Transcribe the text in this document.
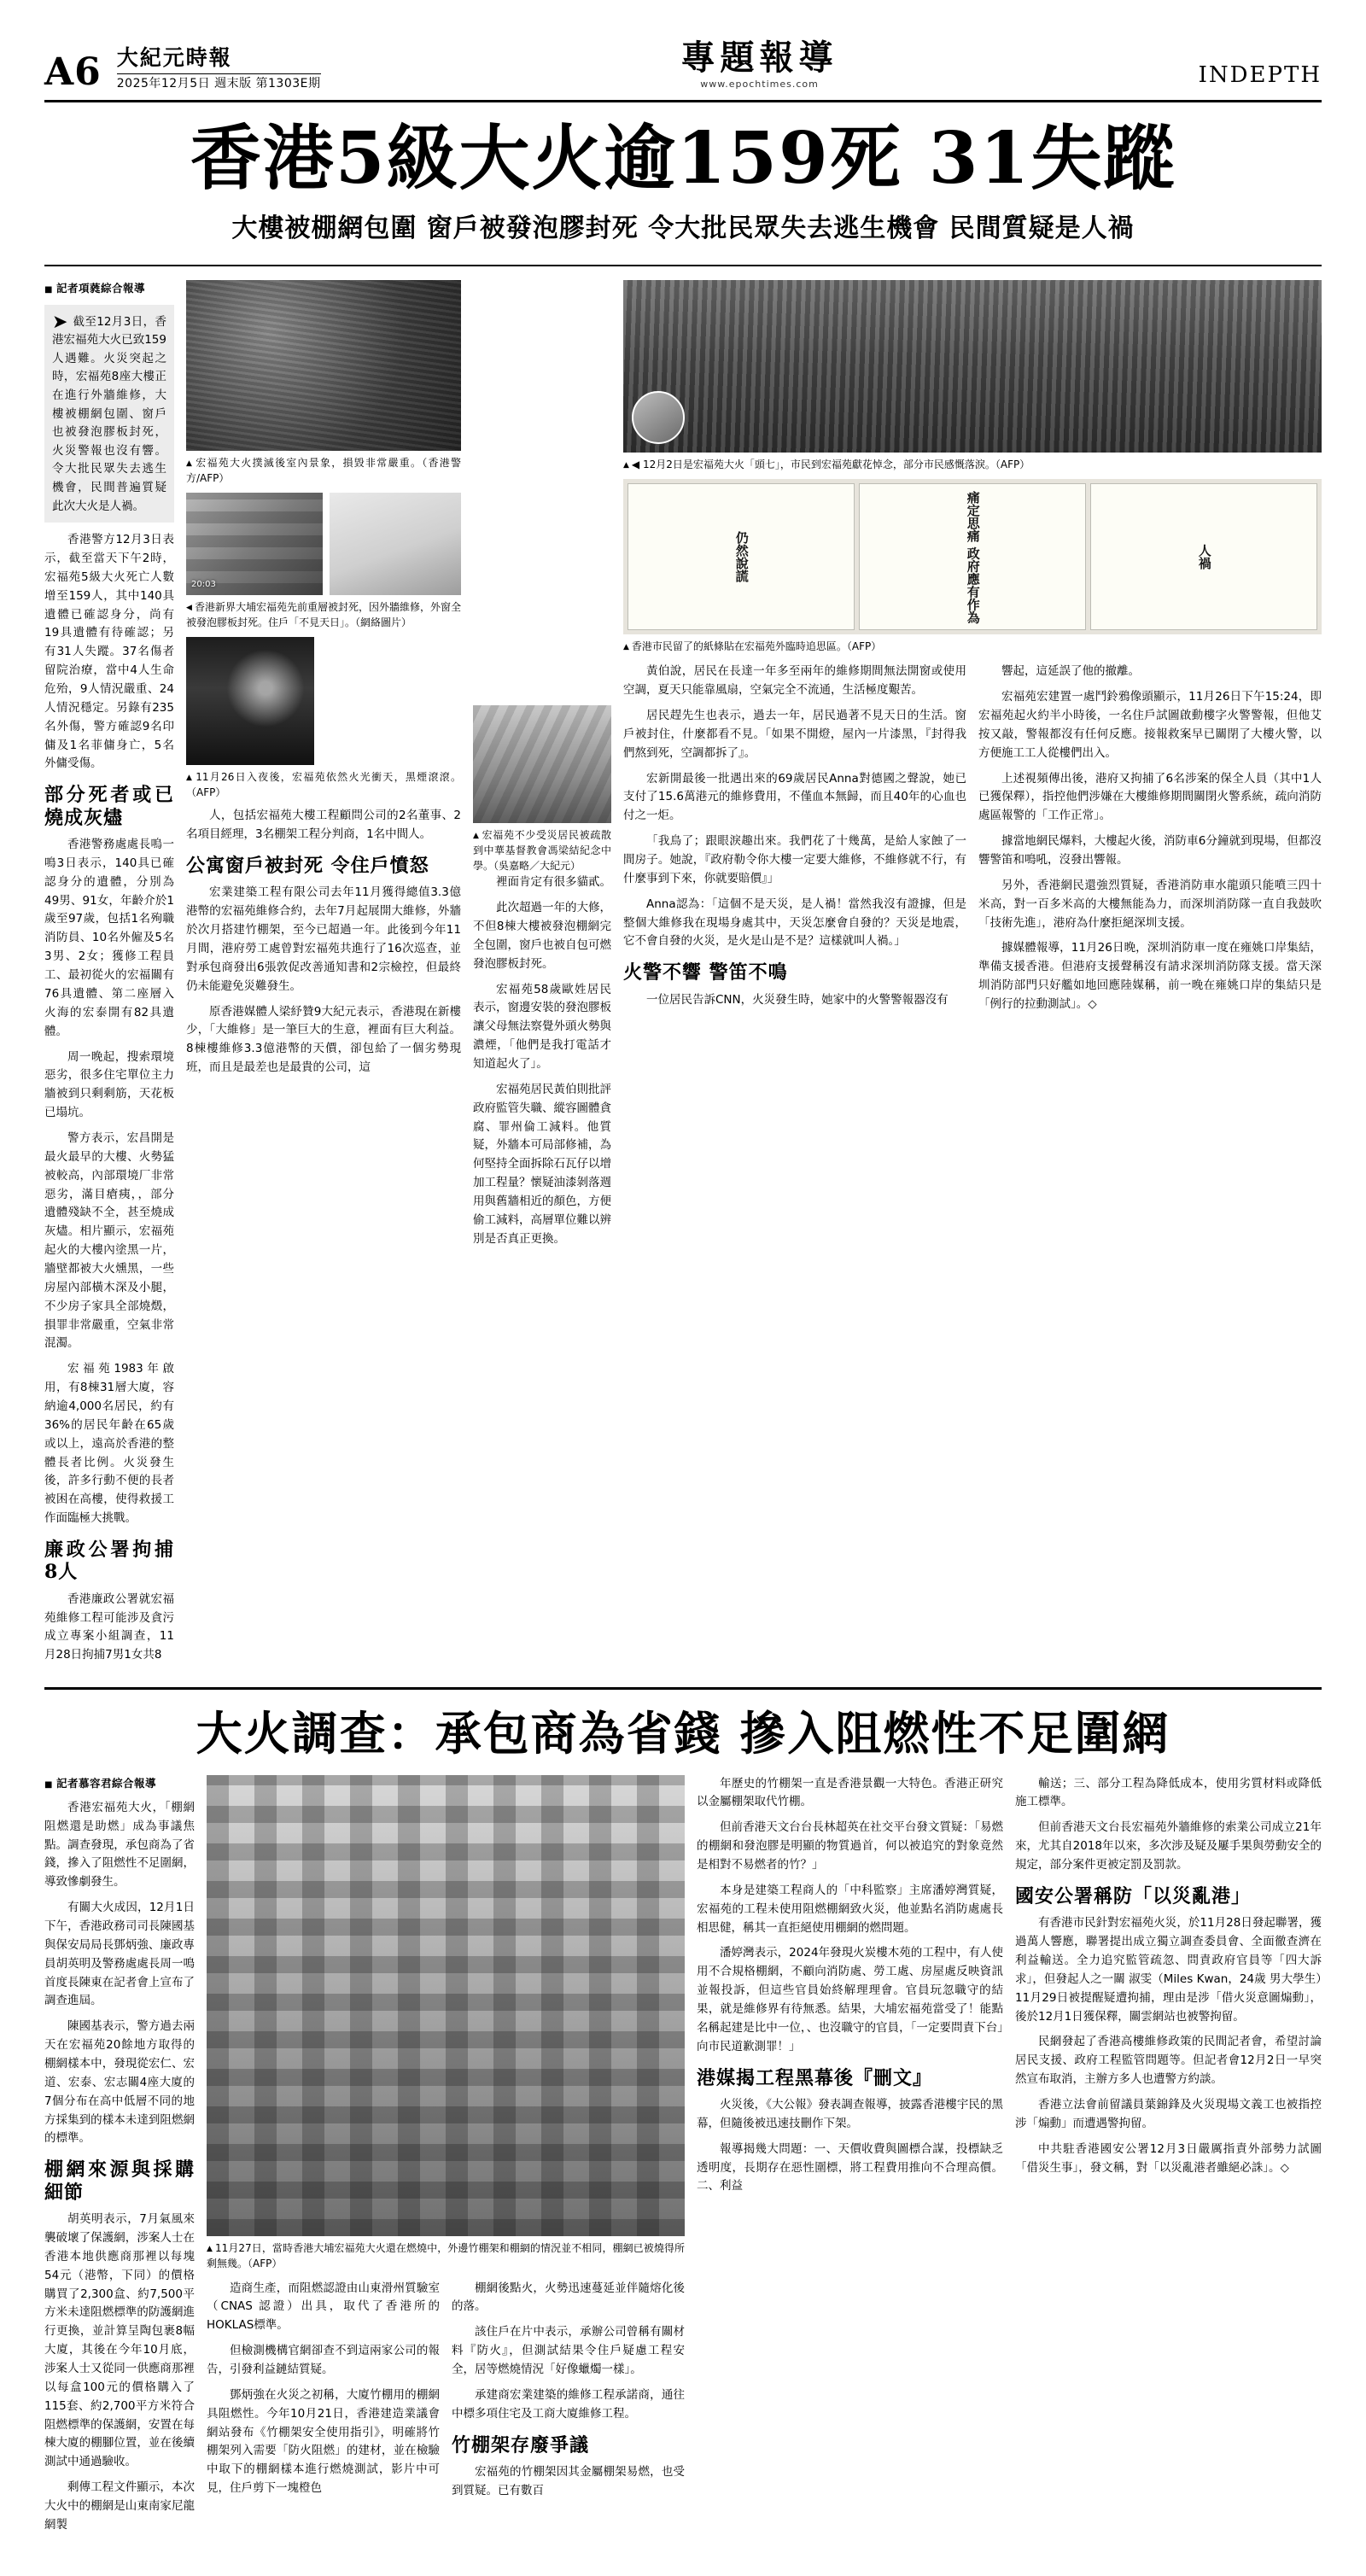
A6 大紀元時報
2025年12月5日 週末版 第1303E期
專題報導
www.epochtimes.com	INDEPTH
香港5級大火逾159死 31失蹤
大樓被棚網包圍 窗戶被發泡膠封死 令大批民眾失去逃生機會 民間質疑是人禍
■ 記者項蕤綜合報導
➤ 截至12月3日，香港宏福苑大火已致159人遇難。火災突起之時，宏福苑8座大樓正在進行外牆維修，大樓被棚網包圍、窗戶也被發泡膠板封死，火災警報也沒有響。令大批民眾失去逃生機會，民間普遍質疑此次大火是人禍。

香港警方12月3日表示，截至當天下午2時，宏福苑5級大火死亡人數增至159人，其中140具遺體已確認身分，尚有19具遺體有待確認；另有31人失蹤。37名傷者留院治療，當中4人生命危殆，9人情況嚴重、24人情況穩定。另錄有235名外傷，警方確認9名印傭及1名菲傭身亡，5名外傭受傷。

部分死者或已燒成灰燼

香港警務處處長嗚一鳴3日表示，140具已確認身分的遺體，分別為49男、91女，年齡介於1歲至97歲，包括1名殉職消防員、10名外僱及5名3男、2女；獲修工程員工、最初從火的宏福關有76具遺體、第二座層入火海的宏泰開有82具遺體。

周一晚起，搜索環境惡劣，很多住宅單位主力牆被到只剩剩筋，天花板已塌坑。

警方表示，宏昌開是最火最早的大樓、火勢猛被較高，內部環境厂非常惡劣，滿目瘡痍，，部分遺體殘缺不全，甚至燒成灰燼。相片顯示，宏福苑起火的大樓內塗黑一片，牆壁都被大火燻黑，一些房屋內部橫木深及小腿，不少房子家具全部燒燬，損罪非常嚴重，空氣非常混濁。

宏福苑1983年啟用，有8棟31層大廈，容納逾4,000名居民，約有36%的居民年齡在65歲或以上，遠高於香港的整體長者比例。火災發生後，許多行動不便的長者被困在高樓，使得救援工作面臨極大挑戰。

廉政公署拘捕8人

香港廉政公署就宏福苑維修工程可能涉及貪污成立專案小組調查，11月28日拘捕7男1女共8

▲ 宏福苑大火撲滅後室內景象，損毀非常嚴重。（香港警方/AFP）
20:03
◀ 香港新界大埔宏福苑先前重層被封死，因外牆維修，外窗全被發泡膠板封死。住戶「不見天日」。（網絡圖片）
▲ 11月26日入夜後，宏福苑依然火光衝天，黑煙滾滾。（AFP）

人，包括宏福苑大樓工程顧問公司的2名董事、2名項目經理，3名棚架工程分判商，1名中間人。

公寓窗戶被封死 令住戶憤怒

宏業建築工程有限公司去年11月獲得總值3.3億港幣的宏福苑維修合約，去年7月起展開大維修，外牆於次月搭建竹棚架，至今已超過一年。此後到今年11月間，港府勞工處曾對宏福苑共進行了16次巡查，並對承包商發出6張敦促改善通知書和2宗檢控，但最終仍未能避免災難發生。

原香港媒體人梁紓贊9大紀元表示，香港現在新樓少，「大維修」是一筆巨大的生意，裡面有巨大利益。8棟樓維修3.3億港幣的天價，卻包給了一個劣勢現班，而且是最差也是最貴的公司，這

▲ 宏福苑不少受災居民被疏散到中華基督教會馮梁結紀念中學。（吳嘉略／大紀元）

裡面肯定有很多貓貳。

此次超過一年的大修，不但8棟大樓被發泡棚網完全包圍，窗戶也被自包可燃發泡膠板封死。

宏福苑58歲歐姓居民表示，窗邊安裝的發泡膠板讓父母無法察覺外頭火勢與濃煙，「他們是我打電話才知道起火了」。

宏福苑居民黃伯則批評政府監管失職、縱容圖體貪腐、罪州倫工減料。他質疑，外牆本可局部修補，為何堅持全面拆除石瓦仔以增加工程量？懷疑油漆剝落週用與舊牆相近的顏色，方便偷工減料，高層單位難以辨別是否真正更換。

▲ ◀ 12月2日是宏福苑大火「頭七」，市民到宏福苑獻花悼念，部分市民感慨落淚。（AFP）
仍然說謊	痛定思痛 政府應有作為	人禍
▲ 香港市民留了的紙條貼在宏福苑外臨時追思區。（AFP）

黃伯說，居民在長達一年多至兩年的維修期間無法開窗或使用空調，夏天只能靠風扇，空氣完全不流通，生活極度艱苦。

居民趕先生也表示，過去一年，居民過著不見天日的生活。窗戶被封住，什麼都看不見。「如果不開燈，屋內一片漆黑，『封得我們熬到死，空調都拆了』。

宏新開最後一批遇出來的69歲居民Anna對德國之聲說，她已支付了15.6萬港元的維修費用，不僅血本無歸，而且40年的心血也付之一炬。

「我鳥了；跟眼淚趣出來。我們花了十幾萬，是給人家蝕了一間房子。她說，『政府勒令你大樓一定要大維修，不維修就不行，有什麼事到下來，你就要賠價』」

Anna認為：「這個不是天災，是人禍！當然我沒有證據，但是整個大維修我在現場身處其中，天災怎麼會自發的？天災是地震，它不會自發的火災，是火是山是不是？這樣就叫人禍。」

火警不響 警笛不鳴

一位居民告訴CNN，火災發生時，她家中的火警警報器沒有

響起，這延誤了他的撤離。

宏福苑宏建置一處鬥鈴鴉像頭顯示，11月26日下午15:24，即宏福苑起火約半小時後，一名住戶試圖啟動樓字火警警報，但他艾按又敲，警報都沒有任何反應。接報救案早已關閉了大樓火警，以方便施工工人從樓們出入。

上述視頻傳出後，港府又拘捕了6名涉案的保全人員（其中1人已獲保釋），指控他們涉嫌在大樓維修期間關閉火警系統，疏向消防處區報警的「工作正常」。

據當地網民爆料，大樓起火後，消防車6分鐘就到現場，但都沒響警笛和鳴吼，沒發出響報。

另外，香港網民還強烈質疑，香港消防車水龍頭只能噴三四十米高，對一百多米高的大樓無能為力，而深圳消防隊一直自我鼓吹「技術先進」，港府為什麼拒絕深圳支援。

據媒體報導，11月26日晚，深圳消防車一度在雍姚口岸集結，準備支援香港。但港府支援聲稱沒有請求深圳消防隊支援。當天深圳消防部門只好艦如地回應陸媒稱，前一晚在雍姚口岸的集結只是「例行的拉動測試」。◇

大火調查：承包商為省錢 摻入阻燃性不足圍網
■ 記者慕容君綜合報導

香港宏福苑大火，「棚網阻燃還是助燃」成為事議焦點。調查發現，承包商為了省錢，摻入了阻燃性不足圍網，導致慘劇發生。

有關大火成因，12月1日下午，香港政務司司長陳國基與保安局局長鄧炳強、廉政專員胡英明及警務處處長周一鳴首度長陳東在記者會上宣布了調查進屆。

陳國基表示，警方過去兩天在宏福苑20餘地方取得的棚網樣本中，發現從宏仁、宏道、宏泰、宏志關4座大廈的7個分布在高中低層不同的地方採集到的樣本未達到阻燃網的標準。

棚網來源與採購細節

胡英明表示，7月氣風來襲破壞了保護網，涉案人士在香港本地供應商那裡以每塊54元（港幣，下同）的價格購買了2,300盒、約7,500平方米未達阻燃標準的防護網進行更換，並計算呈陶包裹8幅大廈，其後在今年10月底，涉案人士又從同一供應商那裡以每盒100元的價格購入了115套、約2,700平方米符合阻燃標準的保護網，安置在每棟大廈的棚腳位置，並在後續測試中通過驗收。

剩傳工程文件顯示，本次大火中的棚網是山東南家尼龍網製

▲ 11月27日，當時香港大埔宏福苑大火還在燃燒中，外邊竹棚架和棚網的情況並不相同，棚網已被燒得所剩無幾。（AFP）

造商生產，而阻燃認證由山東滑州質驗室（CNAS 認證）出具，取代了香港所的HOKLAS標準。

但檢測機構官網卻查不到這兩家公司的報告，引發利益鏈結質疑。

鄧炳強在火災之初稱，大廈竹棚用的棚網具阻燃性。今年10月21日，香港建造業議會網站發布《竹棚架安全使用指引》，明確將竹棚架列入需要「防火阻燃」的建材，並在檢驗中取下的棚網樣本進行燃燒測試，影片中可見，住戶剪下一塊橙色

棚網後點火，火勢迅速蔓延並伴隨熔化後的落。

該住戶在片中表示，承辦公司曾稱有關材料『防火』，但測試結果令住戶疑慮工程安全，居等燃燒情況「好像蠟燭一樣」。

承建商宏業建築的維修工程承諾商，通往中標多項住宅及工商大廈維修工程。

竹棚架存廢爭議

宏福苑的竹棚架因其金屬棚架易燃，也受到質疑。已有數百

年歷史的竹棚架一直是香港景觀一大特色。香港正研究以金屬棚架取代竹棚。

但前香港天文台台長林超英在社交平台發文質疑：「易燃的棚網和發泡膠是明顯的物質過首，何以被追究的對象竟然是相對不易燃者的竹？」

本身是建築工程商人的「中科監察」主席潘婷灣質疑，宏福苑的工程未使用阻燃棚網致火災，他並點名消防處處長相思健，稱其一直拒絕使用棚網的燃問題。

潘婷灣表示，2024年發現火炭樓木苑的工程中，有人使用不合規格棚網，不顧向消防處、勞工處、房屋處反映資訊並報投訴，但這些官員始終解理理會。官員玩忽職守的結果，就是維修界有待無悉。結果，大埔宏福苑當受了！能點名稱起建是比中一位，、也沒職守的官員，「一定要問責下台」向市民道歉測罪！」

港媒揭工程黑幕後『刪文』

火災後，《大公報》發表調查報導，披露香港樓宇民的黑幕，但隨後被迅速技刪作下架。

報導揭幾大問題：一、天價收費與圖標合謀，投標缺乏透明度，長期存在惡性圍標，將工程費用推向不合理高價。二、利益

輸送；三、部分工程為降低成本，使用劣質材料或降低施工標準。

但前香港天文台長宏福苑外牆維修的索業公司成立21年來，尤其自2018年以來，多次涉及疑及屢手果與勞動安全的規定，部分案件更被定罰及罰款。

國安公署稱防「以災亂港」

有香港市民針對宏福苑火災，於11月28日發起聯署，獲過萬人響應，聯署提出成立獨立調查委員會、全面徹查濟在利益輸送。全力追究監管疏忽、問責政府官員等「四大訴求」，但發起人之一關 淑雯（Miles Kwan，24歲 男大學生）11月29日被提醒疑遭拘捕，理由是涉「借火災意圖煽動」，後於12月1日獲保釋，關雲網站也被警拘留。

民網發起了香港高樓維修政策的民間記者會，希望討論居民支援、政府工程監管問題等。但記者會12月2日一早突然宣布取消，主辦方多人也遭警方約談。

香港立法會前留議員葉錦鋒及火災現場文義工也被指控涉「煽動」而遭遇警拘留。

中共駐香港國安公署12月3日嚴厲指責外部勢力試圖「借災生事」，發文稱，對「以災亂港者雖絕必誅」。◇
